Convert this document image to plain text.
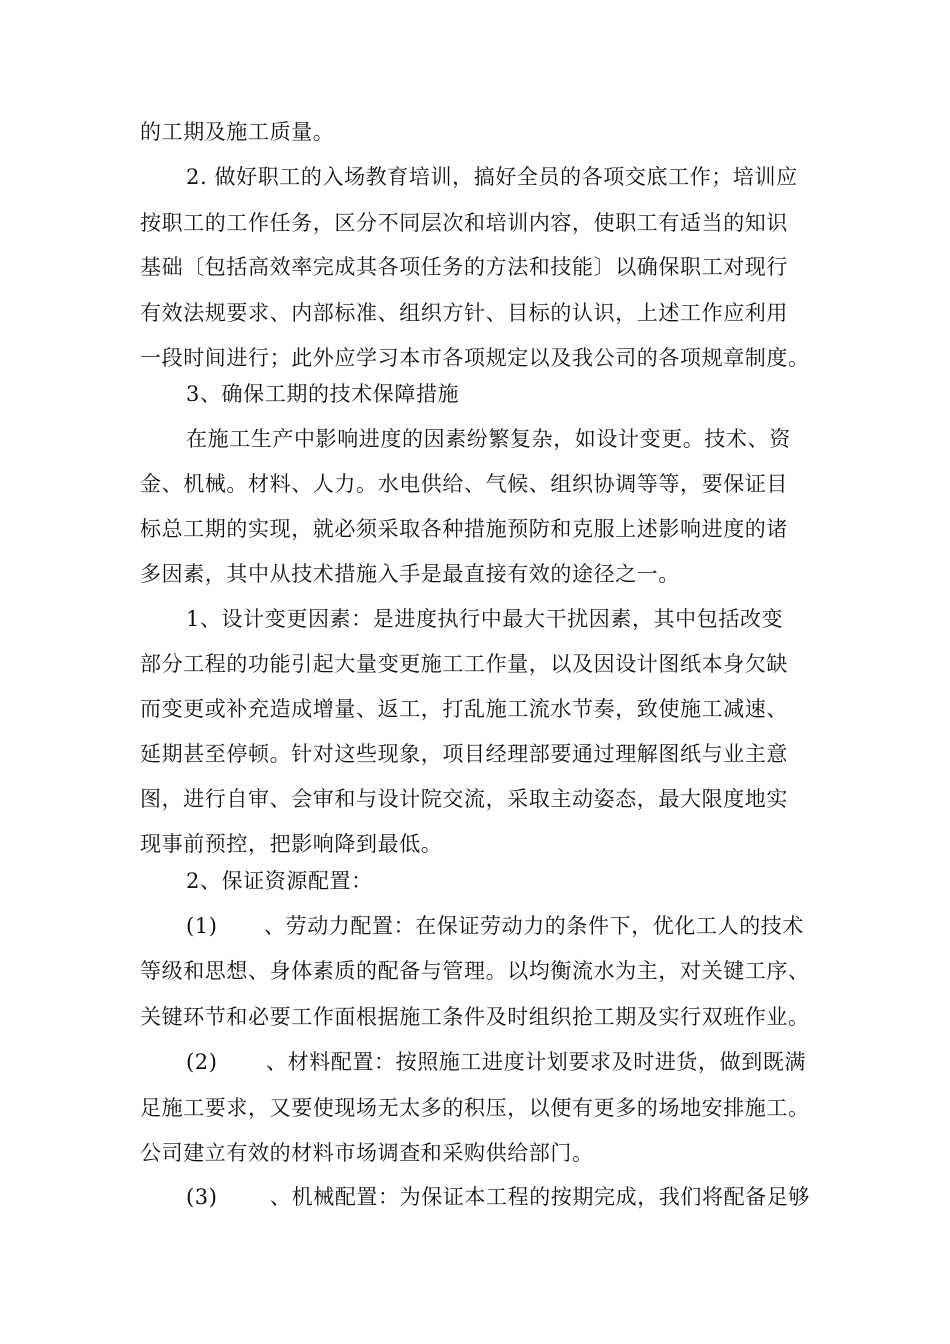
的工期及施工质量。
2. 做好职工的入场教育培训，搞好全员的各项交底工作；培训应
按职工的工作任务，区分不同层次和培训内容，使职工有适当的知识
基础〔包括高效率完成其各项任务的方法和技能〕以确保职工对现行
有效法规要求、内部标准、组织方针、目标的认识，上述工作应利用
一段时间进行；此外应学习本市各项规定以及我公司的各项规章制度。
3、确保工期的技术保障措施
在施工生产中影响进度的因素纷繁复杂，如设计变更。技术、资
金、机械。材料、人力。水电供给、气候、组织协调等等，要保证目
标总工期的实现，就必须采取各种措施预防和克服上述影响进度的诸
多因素，其中从技术措施入手是最直接有效的途径之一。
1、设计变更因素：是进度执行中最大干扰因素，其中包括改变
部分工程的功能引起大量变更施工工作量，以及因设计图纸本身欠缺
而变更或补充造成增量、返工，打乱施工流水节奏，致使施工减速、
延期甚至停顿。针对这些现象，项目经理部要通过理解图纸与业主意
图，进行自审、会审和与设计院交流，采取主动姿态，最大限度地实
现事前预控，把影响降到最低。
2、保证资源配置：
(1) 、劳动力配置：在保证劳动力的条件下，优化工人的技术
等级和思想、身体素质的配备与管理。以均衡流水为主，对关键工序、
关键环节和必要工作面根据施工条件及时组织抢工期及实行双班作业。
(2) 、材料配置：按照施工进度计划要求及时进货，做到既满
足施工要求，又要使现场无太多的积压，以便有更多的场地安排施工。
公司建立有效的材料市场调查和采购供给部门。
(3) 、机械配置：为保证本工程的按期完成，我们将配备足够
